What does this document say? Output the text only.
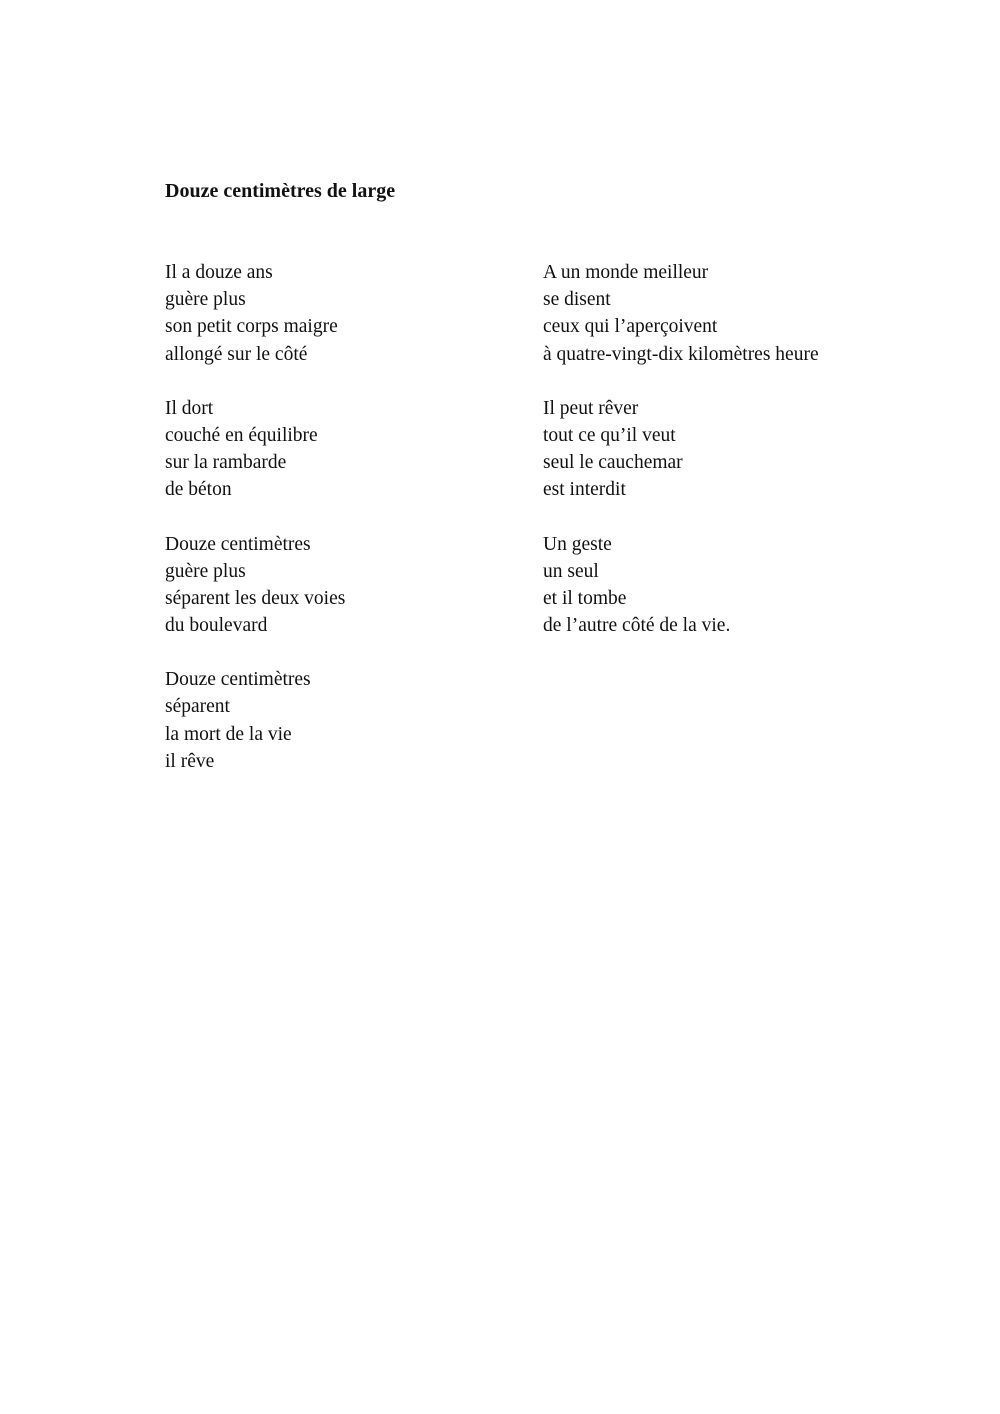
Douze centimètres de large
Il a douze ans
guère plus
son petit corps maigre
allongé sur le côté
Il dort
couché en équilibre
sur la rambarde
de béton
Douze centimètres
guère plus
séparent les deux voies
du boulevard
Douze centimètres
séparent
la mort de la vie
il rêve
A un monde meilleur
se disent
ceux qui l’aperçoivent
à quatre-vingt-dix kilomètres heure
Il peut rêver
tout ce qu’il veut
seul le cauchemar
est interdit
Un geste
un seul
et il tombe
de l’autre côté de la vie.
